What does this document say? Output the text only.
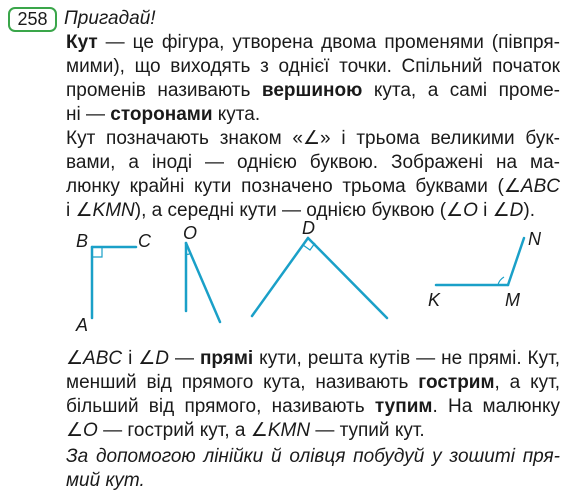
258 Пригадай!
Кут — це фігура, утворена двома променями (півпря-
мими), що виходять з однієї точки. Спільний початок
променів називають вершиною кута, а самі проме-
ні — сторонами кута.
Кут позначають знаком «∠» і трьома великими бук-
вами, а іноді — однією буквою. Зображені на ма-
люнку крайні кути позначено трьома буквами (∠ABC
і ∠KMN), а середні кути — однією буквою (∠O і ∠D).
B	C
A
O	D
K	M
N
∠ABC і ∠D — прямі кути, решта кутів — не прямі. Кут,
менший від прямого кута, називають гострим, а кут,
більший від прямого, називають тупим. На малюнку
∠O — гострий кут, а ∠KMN — тупий кут.
За допомогою лінійки й олівця побудуй у зошиті пря-
мий кут.
